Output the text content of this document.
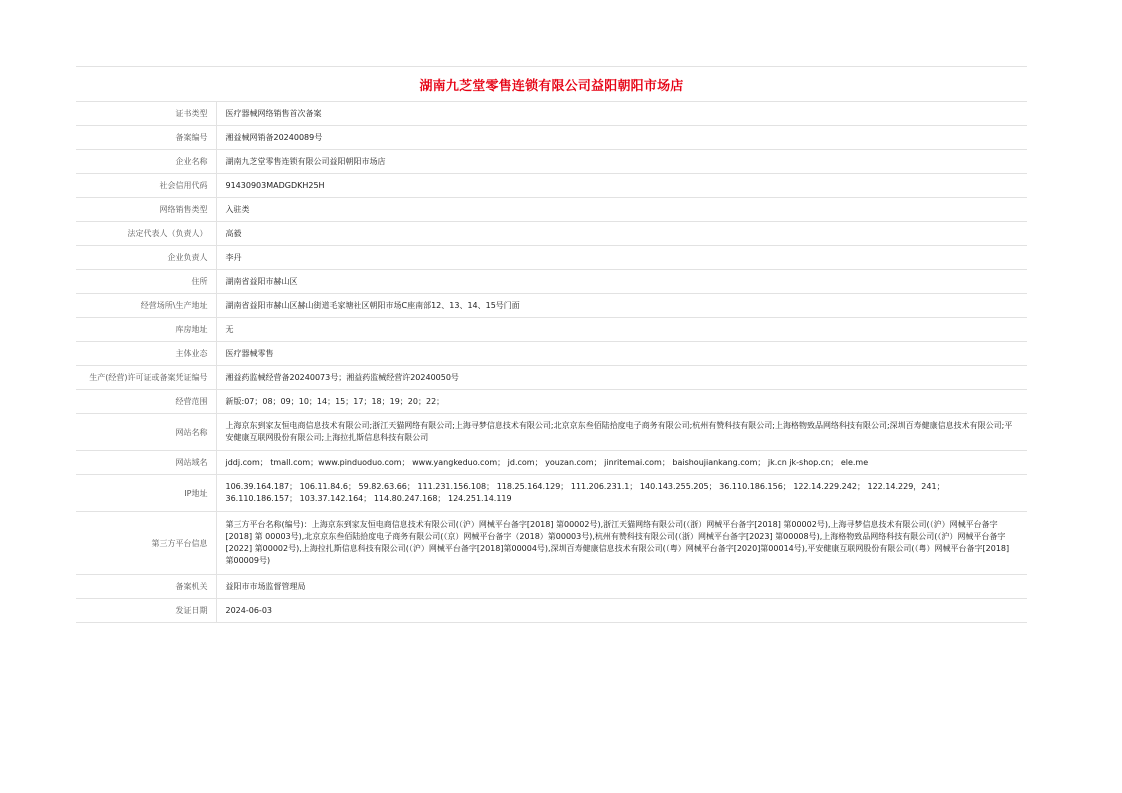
湖南九芝堂零售连锁有限公司益阳朝阳市场店
证书类型	医疗器械网络销售首次备案
备案编号	湘益械网销备20240089号
企业名称	湖南九芝堂零售连锁有限公司益阳朝阳市场店
社会信用代码	91430903MADGDKH25H
网络销售类型	入驻类
法定代表人（负责人）	高毅
企业负责人	李丹
住所	湖南省益阳市赫山区
经营场所\生产地址	湖南省益阳市赫山区赫山街道毛家塘社区朝阳市场C座南部12、13、14、15号门面
库房地址	无
主体业态	医疗器械零售
生产(经营)许可证或备案凭证编号	湘益药监械经营备20240073号；湘益药监械经营许20240050号
经营范围	新版:07；08；09；10；14；15；17；18；19；20；22；
网站名称	上海京东到家友恒电商信息技术有限公司;浙江天猫网络有限公司;上海寻梦信息技术有限公司;北京京东叁佰陆拾度电子商务有限公司;杭州有赞科技有限公司;上海格物致品网络科技有限公司;深圳百寿健康信息技术有限公司;平安健康互联网股份有限公司;上海拉扎斯信息科技有限公司
网站域名	jddj.com； tmall.com；www.pinduoduo.com； www.yangkeduo.com； jd.com； youzan.com； jinritemai.com； baishoujiankang.com； jk.cn jk-shop.cn； ele.me
IP地址	106.39.164.187； 106.11.84.6； 59.82.63.66； 111.231.156.108； 118.25.164.129； 111.206.231.1； 140.143.255.205； 36.110.186.156； 122.14.229.242； 122.14.229，241； 36.110.186.157； 103.37.142.164； 114.80.247.168； 124.251.14.119
第三方平台信息	第三方平台名称(编号)：上海京东到家友恒电商信息技术有限公司(（沪）网械平台备字[2018] 第00002号),浙江天猫网络有限公司(（浙）网械平台备字[2018] 第00002号),上海寻梦信息技术有限公司(（沪）网械平台备字[2018] 第 00003号),北京京东叁佰陆拾度电子商务有限公司(（京）网械平台备字（2018）第00003号),杭州有赞科技有限公司(（浙）网械平台备字[2023] 第00008号),上海格物致品网络科技有限公司(（沪）网械平台备字[2022] 第00002号),上海拉扎斯信息科技有限公司(（沪）网械平台备字[2018]第00004号),深圳百寿健康信息技术有限公司(（粤）网械平台备字[2020]第00014号),平安健康互联网股份有限公司(（粤）网械平台备字[2018]第00009号)
备案机关	益阳市市场监督管理局
发证日期	2024-06-03
